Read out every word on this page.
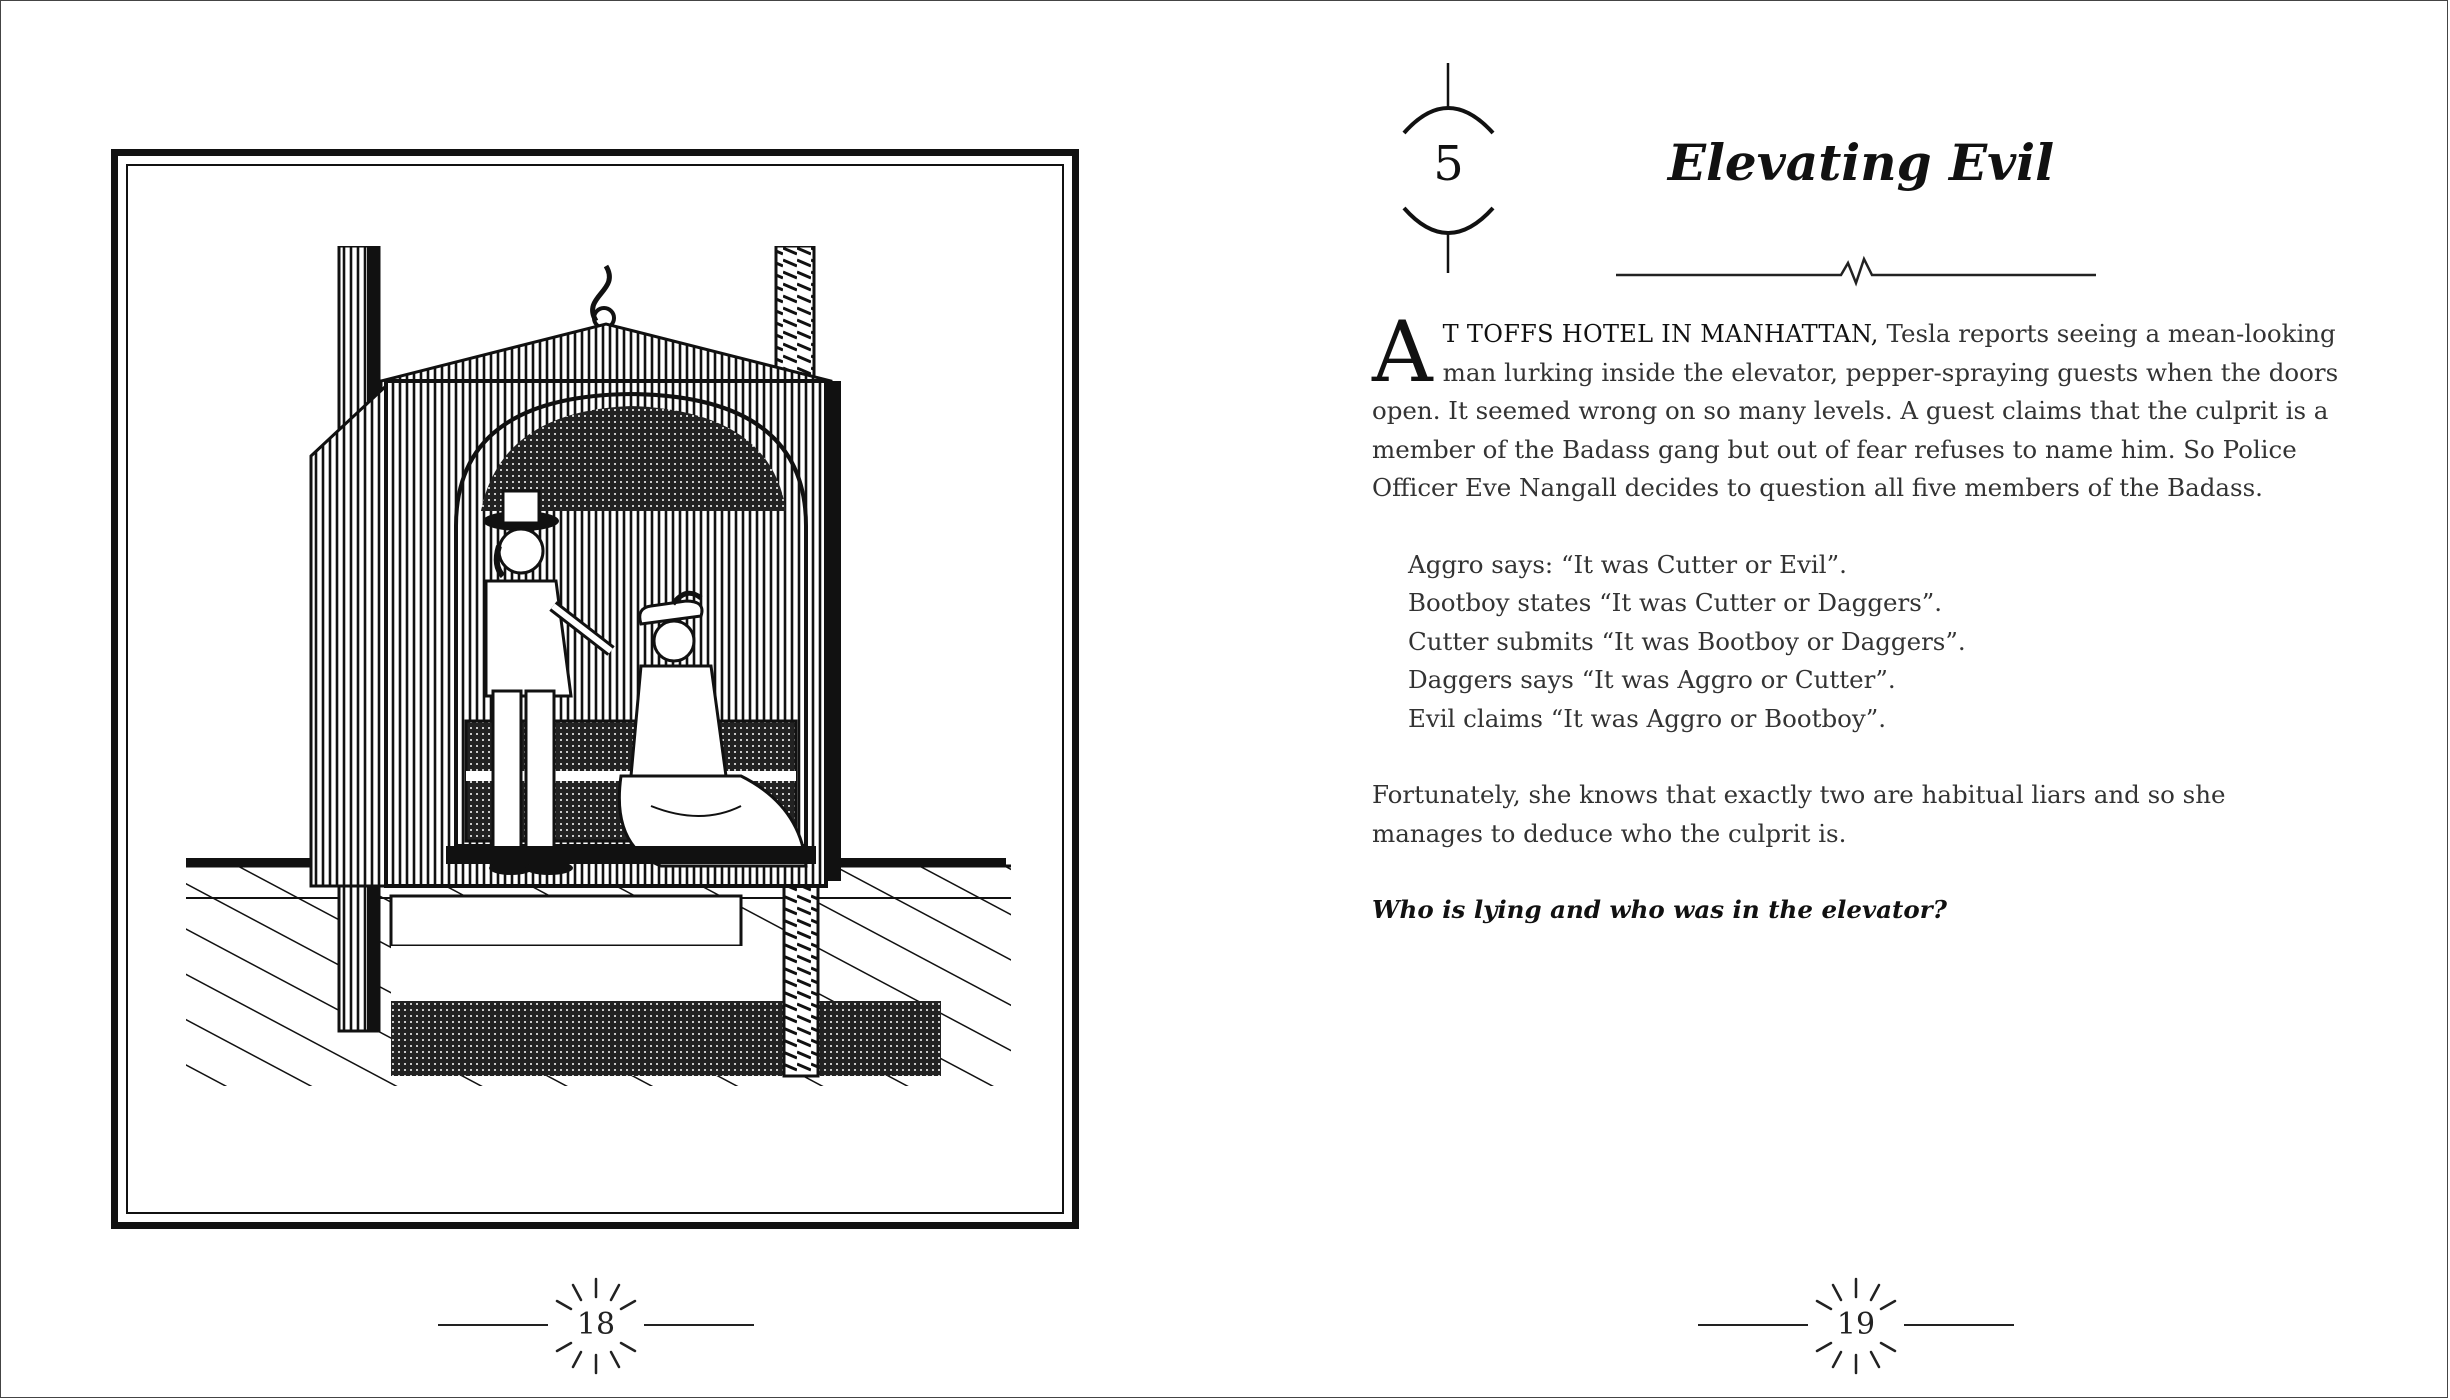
18
5	Elevating Evil

A T TOFFS HOTEL IN MANHATTAN, Tesla reports seeing a mean-looking man lurking inside the elevator, pepper-spraying guests when the doors open. It seemed wrong on so many levels. A guest claims that the culprit is a member of the Badass gang but out of fear refuses to name him. So Police Officer Eve Nangall decides to question all five members of the Badass.

Aggro says: “It was Cutter or Evil”.
Bootboy states “It was Cutter or Daggers”.
Cutter submits “It was Bootboy or Daggers”.
Daggers says “It was Aggro or Cutter”.
Evil claims “It was Aggro or Bootboy”.

Fortunately, she knows that exactly two are habitual liars and so she manages to deduce who the culprit is.

Who is lying and who was in the elevator?

19
